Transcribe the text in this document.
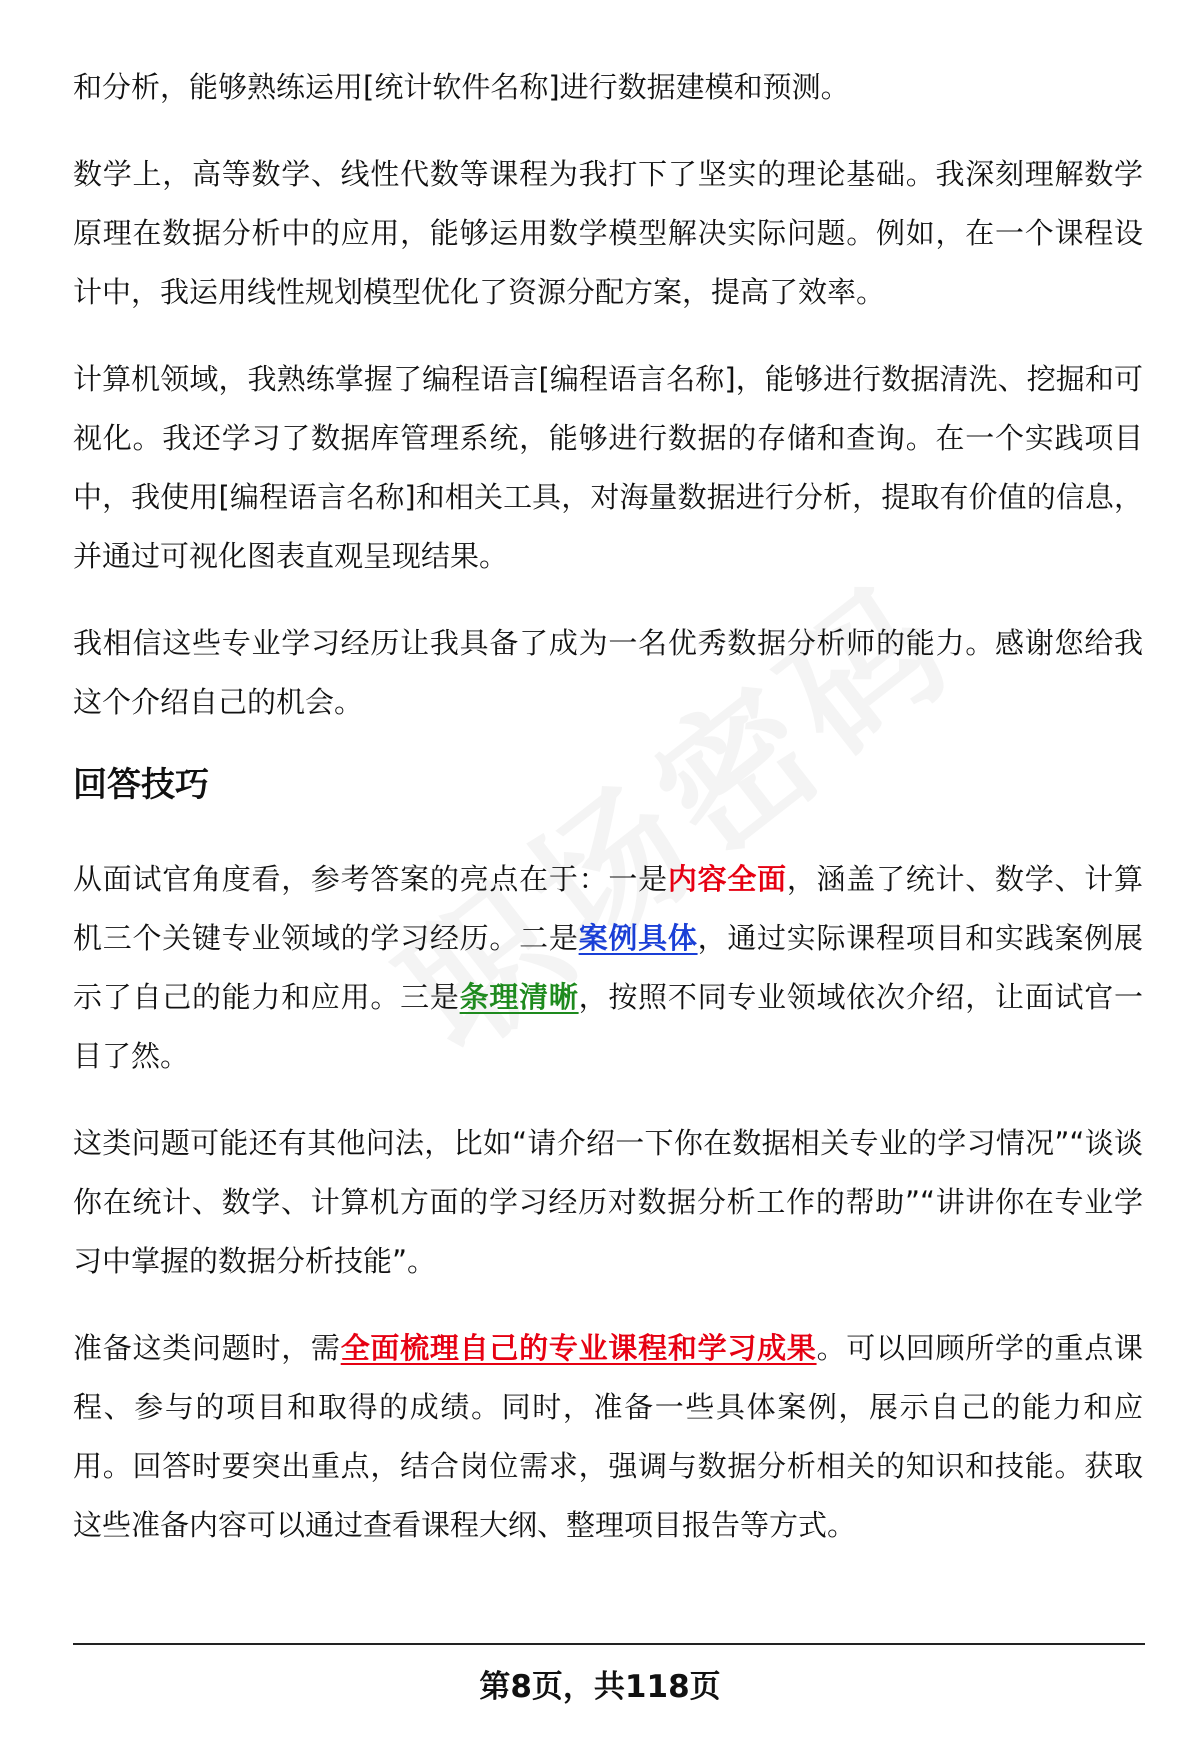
和分析，能够熟练运用[统计软件名称]进行数据建模和预测。

数学上，高等数学、线性代数等课程为我打下了坚实的理论基础。我深刻理解数学原理在数据分析中的应用，能够运用数学模型解决实际问题。例如，在一个课程设计中，我运用线性规划模型优化了资源分配方案，提高了效率。

计算机领域，我熟练掌握了编程语言[编程语言名称]，能够进行数据清洗、挖掘和可视化。我还学习了数据库管理系统，能够进行数据的存储和查询。在一个实践项目中，我使用[编程语言名称]和相关工具，对海量数据进行分析，提取有价值的信息，并通过可视化图表直观呈现结果。

我相信这些专业学习经历让我具备了成为一名优秀数据分析师的能力。感谢您给我这个介绍自己的机会。

回答技巧

从面试官角度看，参考答案的亮点在于：一是内容全面，涵盖了统计、数学、计算机三个关键专业领域的学习经历。二是案例具体，通过实际课程项目和实践案例展示了自己的能力和应用。三是条理清晰，按照不同专业领域依次介绍，让面试官一目了然。

这类问题可能还有其他问法，比如“请介绍一下你在数据相关专业的学习情况”“谈谈你在统计、数学、计算机方面的学习经历对数据分析工作的帮助”“讲讲你在专业学习中掌握的数据分析技能”。

准备这类问题时，需全面梳理自己的专业课程和学习成果。可以回顾所学的重点课程、参与的项目和取得的成绩。同时，准备一些具体案例，展示自己的能力和应用。回答时要突出重点，结合岗位需求，强调与数据分析相关的知识和技能。获取这些准备内容可以通过查看课程大纲、整理项目报告等方式。

第8页，共118页
